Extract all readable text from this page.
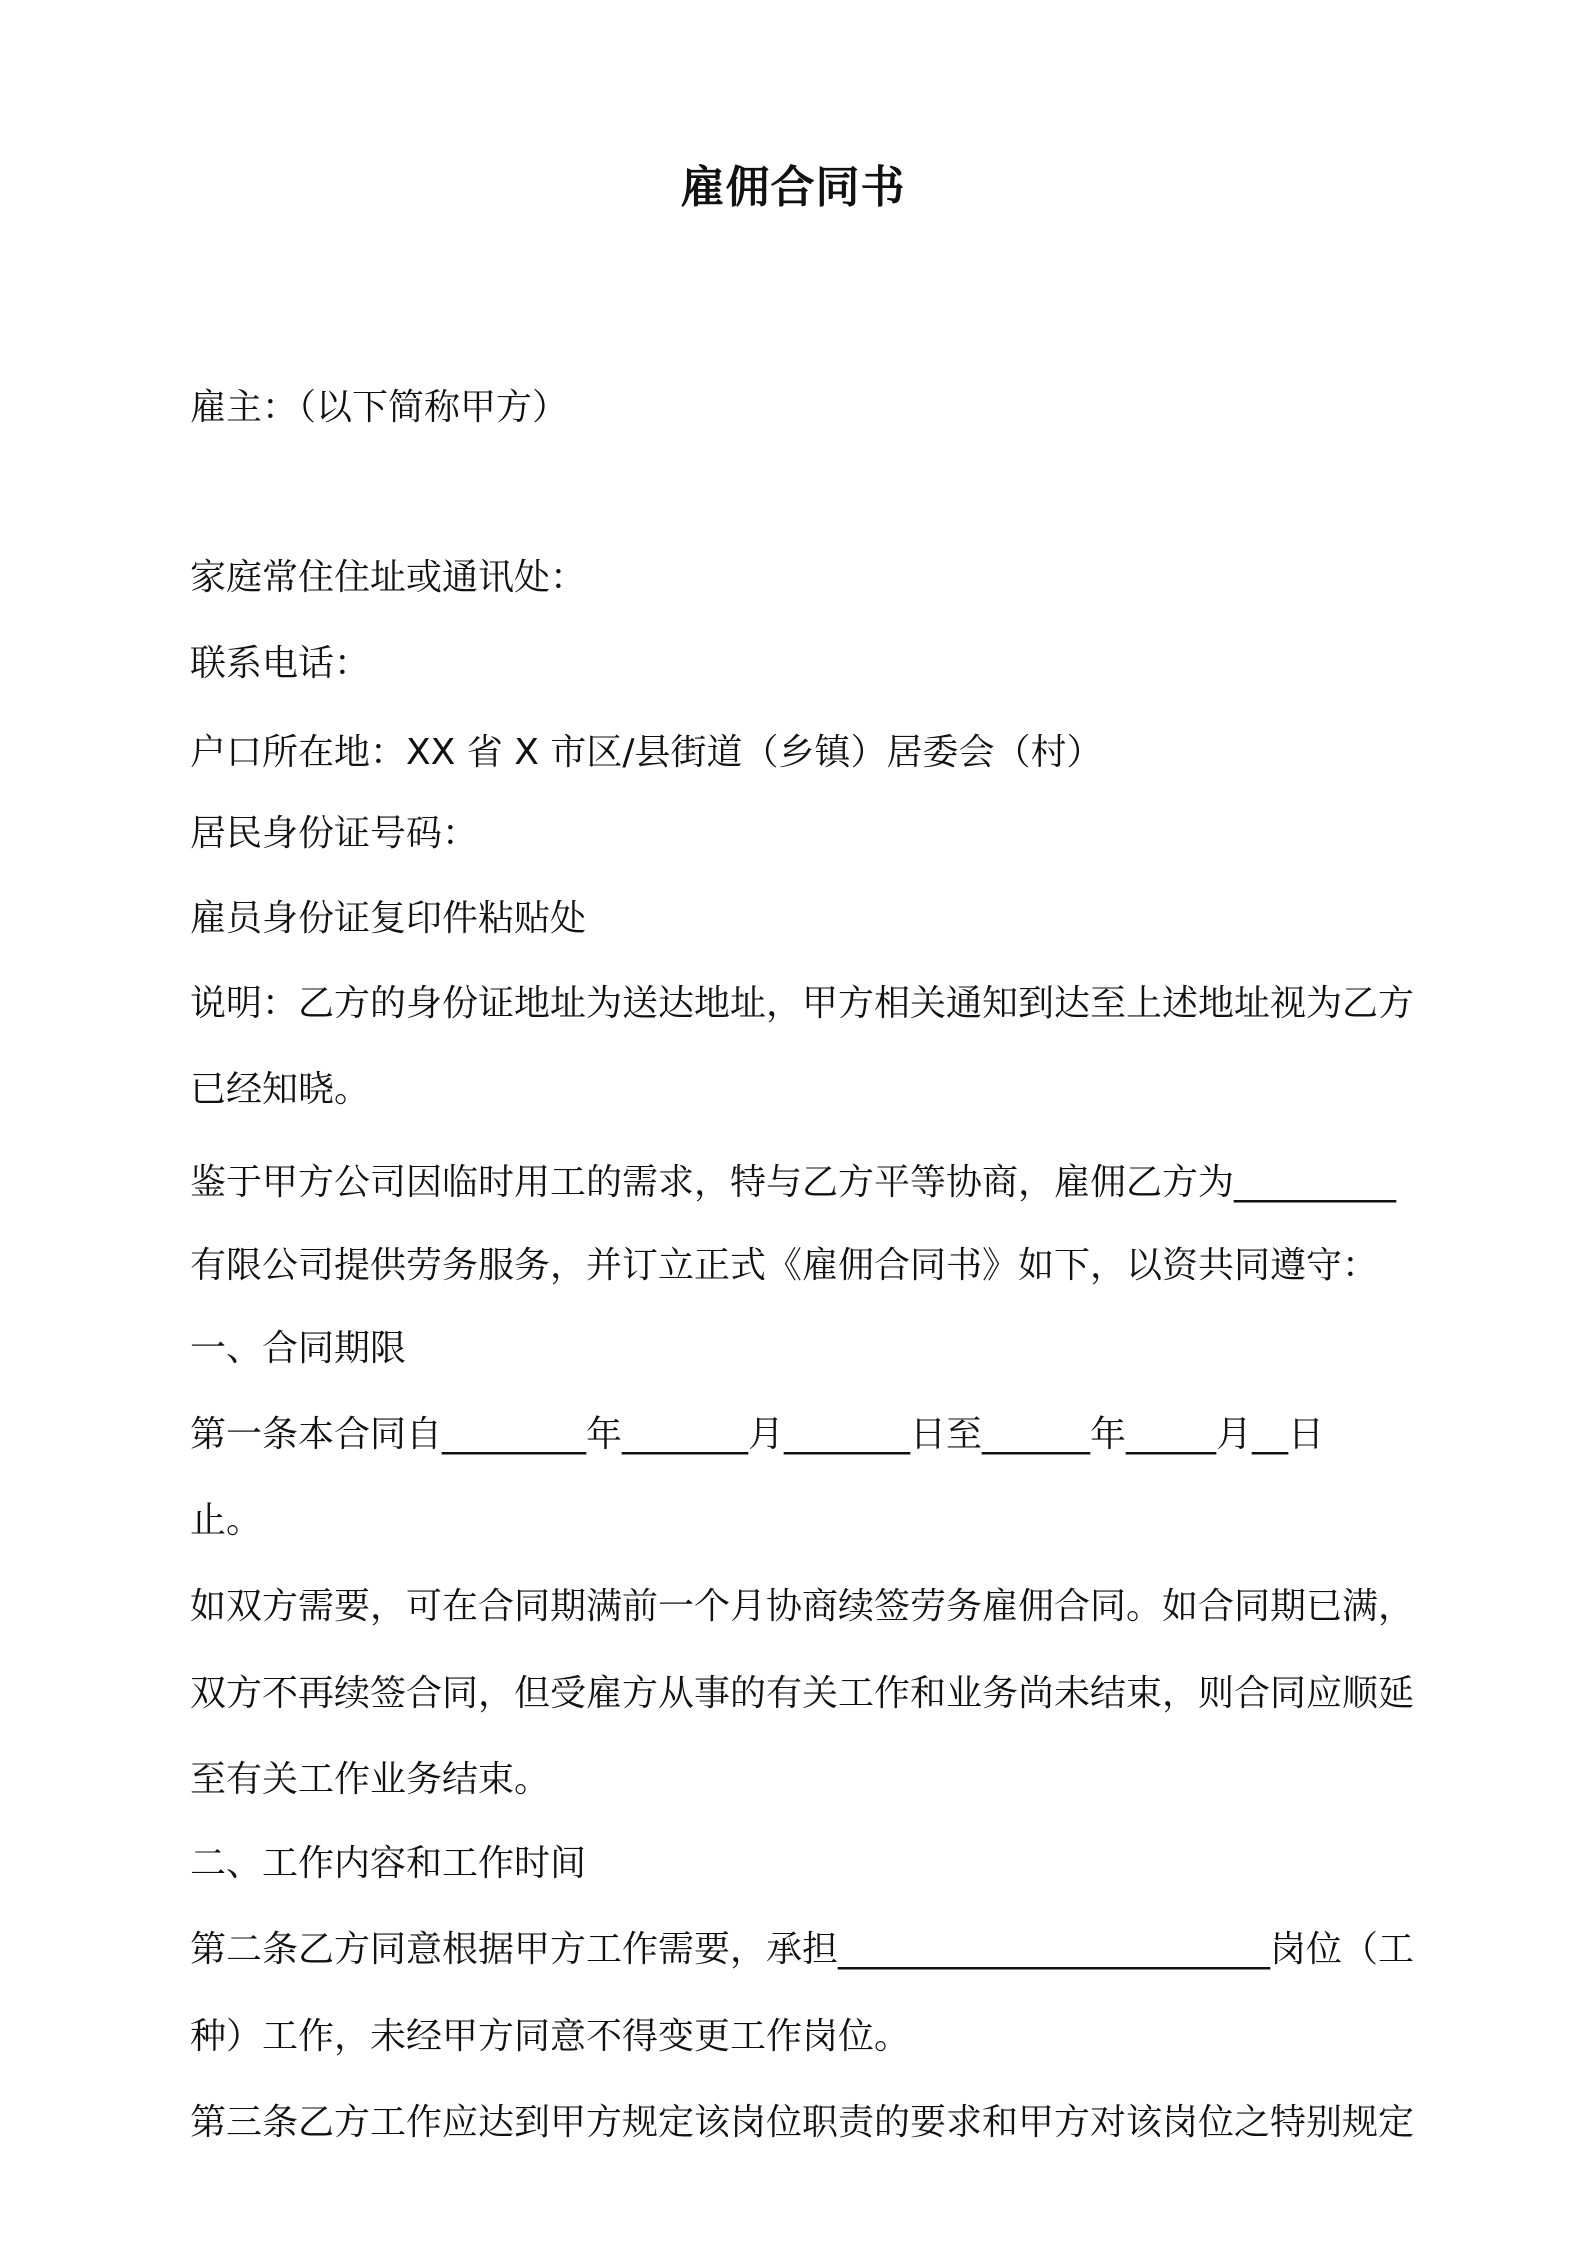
雇佣合同书
雇主：（以下简称甲方）
家庭常住住址或通讯处：
联系电话：
户口所在地：XX 省 X 市区/县街道（乡镇）居委会（村）
居民身份证号码：
雇员身份证复印件粘贴处
说明：乙方的身份证地址为送达地址，甲方相关通知到达至上述地址视为乙方
已经知晓。
鉴于甲方公司因临时用工的需求，特与乙方平等协商，雇佣乙方为_________
有限公司提供劳务服务，并订立正式《雇佣合同书》如下，以资共同遵守：
一、合同期限
第一条本合同自________年_______月_______日至______年_____月__日
止。
如双方需要，可在合同期满前一个月协商续签劳务雇佣合同。如合同期已满，
双方不再续签合同，但受雇方从事的有关工作和业务尚未结束，则合同应顺延
至有关工作业务结束。
二、工作内容和工作时间
第二条乙方同意根据甲方工作需要，承担________________________岗位（工
种）工作，未经甲方同意不得变更工作岗位。
第三条乙方工作应达到甲方规定该岗位职责的要求和甲方对该岗位之特别规定
